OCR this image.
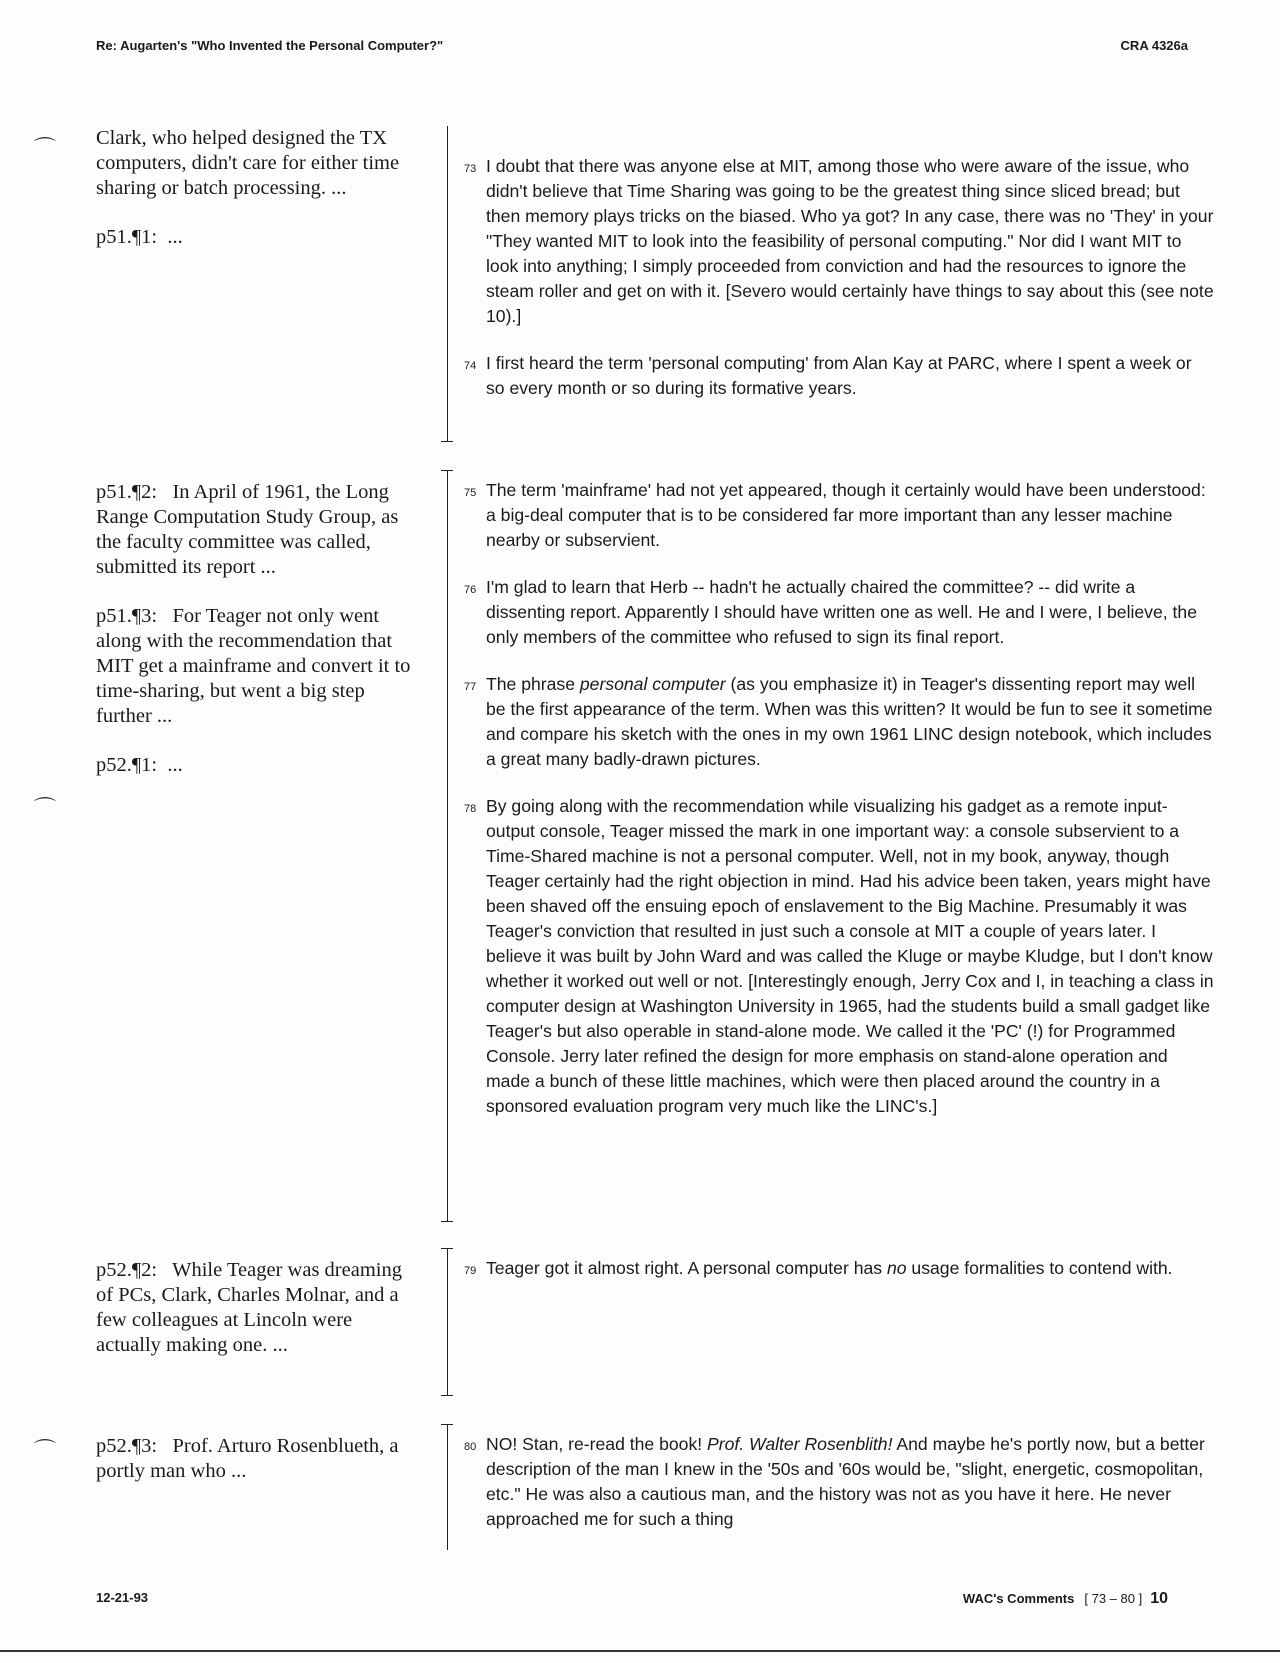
Re: Augarten's "Who Invented the Personal Computer?"	CRA 4326a
⌒ Clark, who helped designed the TX computers, didn't care for either time sharing or batch processing. ...

p51.¶1:  ...

73 I doubt that there was anyone else at MIT, among those who were aware of the issue, who didn't believe that Time Sharing was going to be the greatest thing since sliced bread; but then memory plays tricks on the biased. Who ya got? In any case, there was no 'They' in your "They wanted MIT to look into the feasibility of personal computing." Nor did I want MIT to look into anything; I simply proceeded from conviction and had the resources to ignore the steam roller and get on with it. [Severo would certainly have things to say about this (see note 10).]

74 I first heard the term 'personal computing' from Alan Kay at PARC, where I spent a week or so every month or so during its formative years.

⌒

p51.¶2:   In April of 1961, the Long Range Computation Study Group, as the faculty committee was called, submitted its report ...

p51.¶3:   For Teager not only went along with the recommendation that MIT get a mainframe and convert it to time-sharing, but went a big step further ...

p52.¶1:  ...

75 The term 'mainframe' had not yet appeared, though it certainly would have been understood: a big-deal computer that is to be considered far more important than any lesser machine nearby or subservient.

76 I'm glad to learn that Herb -- hadn't he actually chaired the committee? -- did write a dissenting report. Apparently I should have written one as well. He and I were, I believe, the only members of the committee who refused to sign its final report.

77 The phrase personal computer (as you emphasize it) in Teager's dissenting report may well be the first appearance of the term. When was this written? It would be fun to see it sometime and compare his sketch with the ones in my own 1961 LINC design notebook, which includes a great many badly-drawn pictures.

78 By going along with the recommendation while visualizing his gadget as a remote input-output console, Teager missed the mark in one important way: a console subservient to a Time-Shared machine is not a personal computer. Well, not in my book, anyway, though Teager certainly had the right objection in mind. Had his advice been taken, years might have been shaved off the ensuing epoch of enslavement to the Big Machine. Presumably it was Teager's conviction that resulted in just such a console at MIT a couple of years later. I believe it was built by John Ward and was called the Kluge or maybe Kludge, but I don't know whether it worked out well or not. [Interestingly enough, Jerry Cox and I, in teaching a class in computer design at Washington University in 1965, had the students build a small gadget like Teager's but also operable in stand-alone mode. We called it the 'PC' (!) for Programmed Console. Jerry later refined the design for more emphasis on stand-alone operation and made a bunch of these little machines, which were then placed around the country in a sponsored evaluation program very much like the LINC's.]

p52.¶2:   While Teager was dreaming of PCs, Clark, Charles Molnar, and a few colleagues at Lincoln were actually making one. ...

79 Teager got it almost right. A personal computer has no usage formalities to contend with.

⌒ p52.¶3:   Prof. Arturo Rosenblueth, a portly man who ...

80 NO! Stan, re-read the book! Prof. Walter Rosenblith! And maybe he's portly now, but a better description of the man I knew in the '50s and '60s would be, "slight, energetic, cosmopolitan, etc." He was also a cautious man, and the history was not as you have it here. He never approached me for such a thing

12-21-93	WAC's Comments [ 73 – 80 ] 10
